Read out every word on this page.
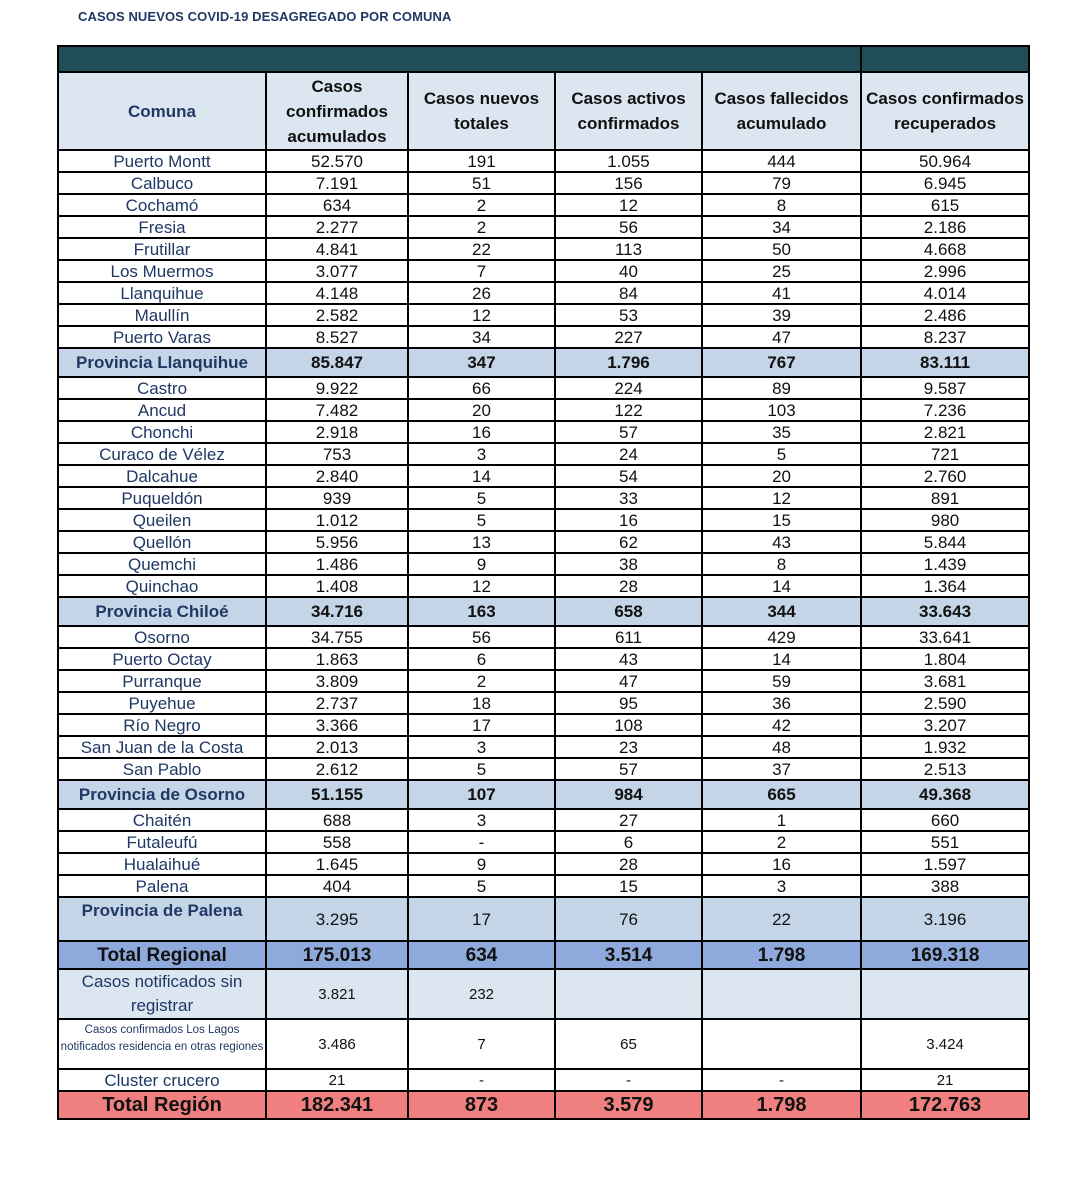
CASOS NUEVOS COVID-19 DESAGREGADO POR COMUNA

Comuna	Casos confirmados acumulados	Casos nuevos totales	Casos activos confirmados	Casos fallecidos acumulado	Casos confirmados recuperados
Puerto Montt	52.570	191	1.055	444	50.964
Calbuco	7.191	51	156	79	6.945
Cochamó	634	2	12	8	615
Fresia	2.277	2	56	34	2.186
Frutillar	4.841	22	113	50	4.668
Los Muermos	3.077	7	40	25	2.996
Llanquihue	4.148	26	84	41	4.014
Maullín	2.582	12	53	39	2.486
Puerto Varas	8.527	34	227	47	8.237
Provincia Llanquihue	85.847	347	1.796	767	83.111
Castro	9.922	66	224	89	9.587
Ancud	7.482	20	122	103	7.236
Chonchi	2.918	16	57	35	2.821
Curaco de Vélez	753	3	24	5	721
Dalcahue	2.840	14	54	20	2.760
Puqueldón	939	5	33	12	891
Queilen	1.012	5	16	15	980
Quellón	5.956	13	62	43	5.844
Quemchi	1.486	9	38	8	1.439
Quinchao	1.408	12	28	14	1.364
Provincia Chiloé	34.716	163	658	344	33.643
Osorno	34.755	56	611	429	33.641
Puerto Octay	1.863	6	43	14	1.804
Purranque	3.809	2	47	59	3.681
Puyehue	2.737	18	95	36	2.590
Río Negro	3.366	17	108	42	3.207
San Juan de la Costa	2.013	3	23	48	1.932
San Pablo	2.612	5	57	37	2.513
Provincia de Osorno	51.155	107	984	665	49.368
Chaitén	688	3	27	1	660
Futaleufú	558	-	6	2	551
Hualaihué	1.645	9	28	16	1.597
Palena	404	5	15	3	388
Provincia de Palena	3.295	17	76	22	3.196
Total Regional	175.013	634	3.514	1.798	169.318
Casos notificados sin registrar	3.821	232			
Casos confirmados Los Lagos notificados residencia en otras regiones	3.486	7	65		3.424
Cluster crucero	21	-	-	-	21
Total Región	182.341	873	3.579	1.798	172.763
